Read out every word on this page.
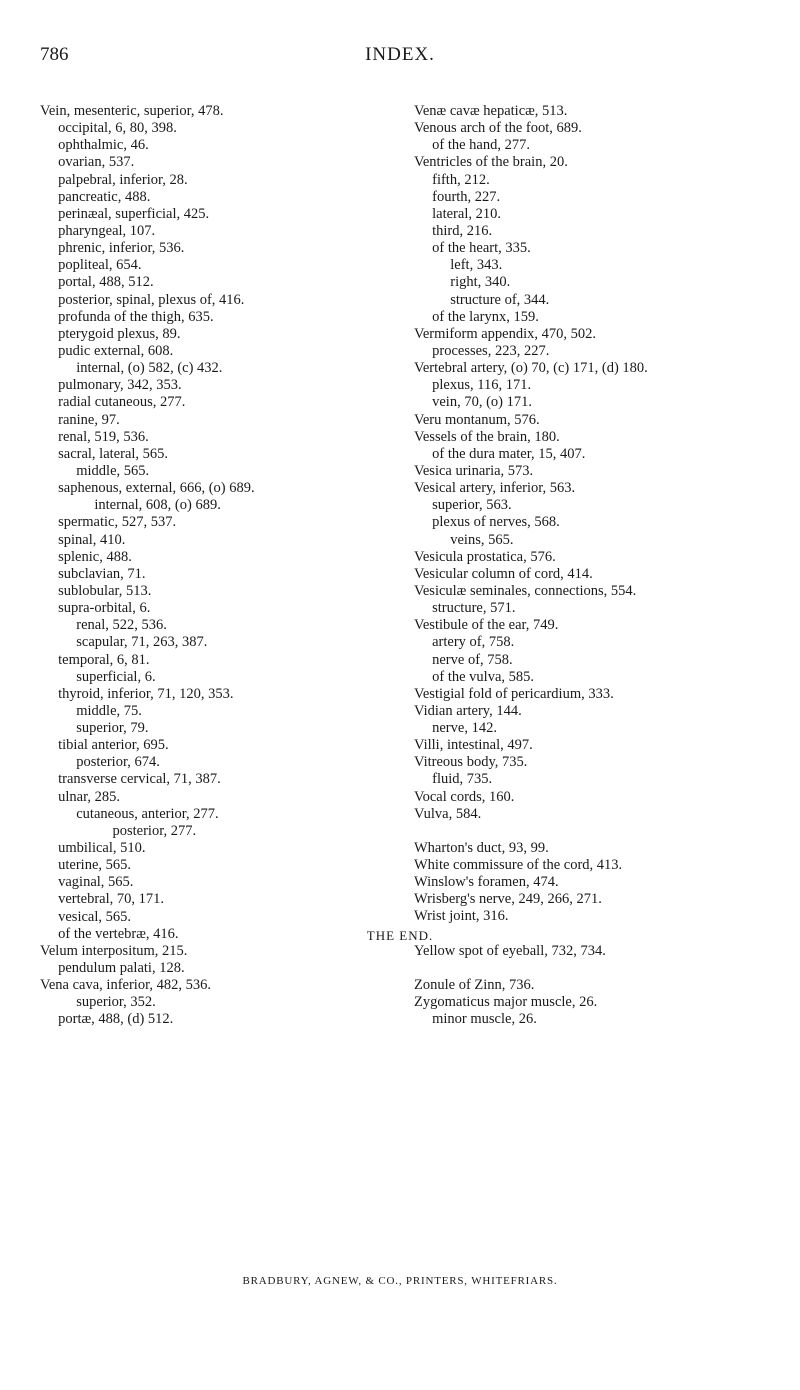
786	INDEX.
Vein, mesenteric, superior, 478.
occipital, 6, 80, 398.
ophthalmic, 46.
ovarian, 537.
palpebral, inferior, 28.
pancreatic, 488.
perinæal, superficial, 425.
pharyngeal, 107.
phrenic, inferior, 536.
popliteal, 654.
portal, 488, 512.
posterior, spinal, plexus of, 416.
profunda of the thigh, 635.
pterygoid plexus, 89.
pudic external, 608.
internal, (o) 582, (c) 432.
pulmonary, 342, 353.
radial cutaneous, 277.
ranine, 97.
renal, 519, 536.
sacral, lateral, 565.
middle, 565.
saphenous, external, 666, (o) 689.
internal, 608, (o) 689.
spermatic, 527, 537.
spinal, 410.
splenic, 488.
subclavian, 71.
sublobular, 513.
supra-orbital, 6.
renal, 522, 536.
scapular, 71, 263, 387.
temporal, 6, 81.
superficial, 6.
thyroid, inferior, 71, 120, 353.
middle, 75.
superior, 79.
tibial anterior, 695.
posterior, 674.
transverse cervical, 71, 387.
ulnar, 285.
cutaneous, anterior, 277.
posterior, 277.
umbilical, 510.
uterine, 565.
vaginal, 565.
vertebral, 70, 171.
vesical, 565.
of the vertebræ, 416.
Velum interpositum, 215.
pendulum palati, 128.
Vena cava, inferior, 482, 536.
superior, 352.
portæ, 488, (d) 512.
Venæ cavæ hepaticæ, 513.
Venous arch of the foot, 689.
of the hand, 277.
Ventricles of the brain, 20.
fifth, 212.
fourth, 227.
lateral, 210.
third, 216.
of the heart, 335.
left, 343.
right, 340.
structure of, 344.
of the larynx, 159.
Vermiform appendix, 470, 502.
processes, 223, 227.
Vertebral artery, (o) 70, (c) 171, (d) 180.
plexus, 116, 171.
vein, 70, (o) 171.
Veru montanum, 576.
Vessels of the brain, 180.
of the dura mater, 15, 407.
Vesica urinaria, 573.
Vesical artery, inferior, 563.
superior, 563.
plexus of nerves, 568.
veins, 565.
Vesicula prostatica, 576.
Vesicular column of cord, 414.
Vesiculæ seminales, connections, 554.
structure, 571.
Vestibule of the ear, 749.
artery of, 758.
nerve of, 758.
of the vulva, 585.
Vestigial fold of pericardium, 333.
Vidian artery, 144.
nerve, 142.
Villi, intestinal, 497.
Vitreous body, 735.
fluid, 735.
Vocal cords, 160.
Vulva, 584.
Wharton's duct, 93, 99.
White commissure of the cord, 413.
Winslow's foramen, 474.
Wrisberg's nerve, 249, 266, 271.
Wrist joint, 316.
Yellow spot of eyeball, 732, 734.
Zonule of Zinn, 736.
Zygomaticus major muscle, 26.
minor muscle, 26.
THE END.
BRADBURY, AGNEW, & CO., PRINTERS, WHITEFRIARS.
